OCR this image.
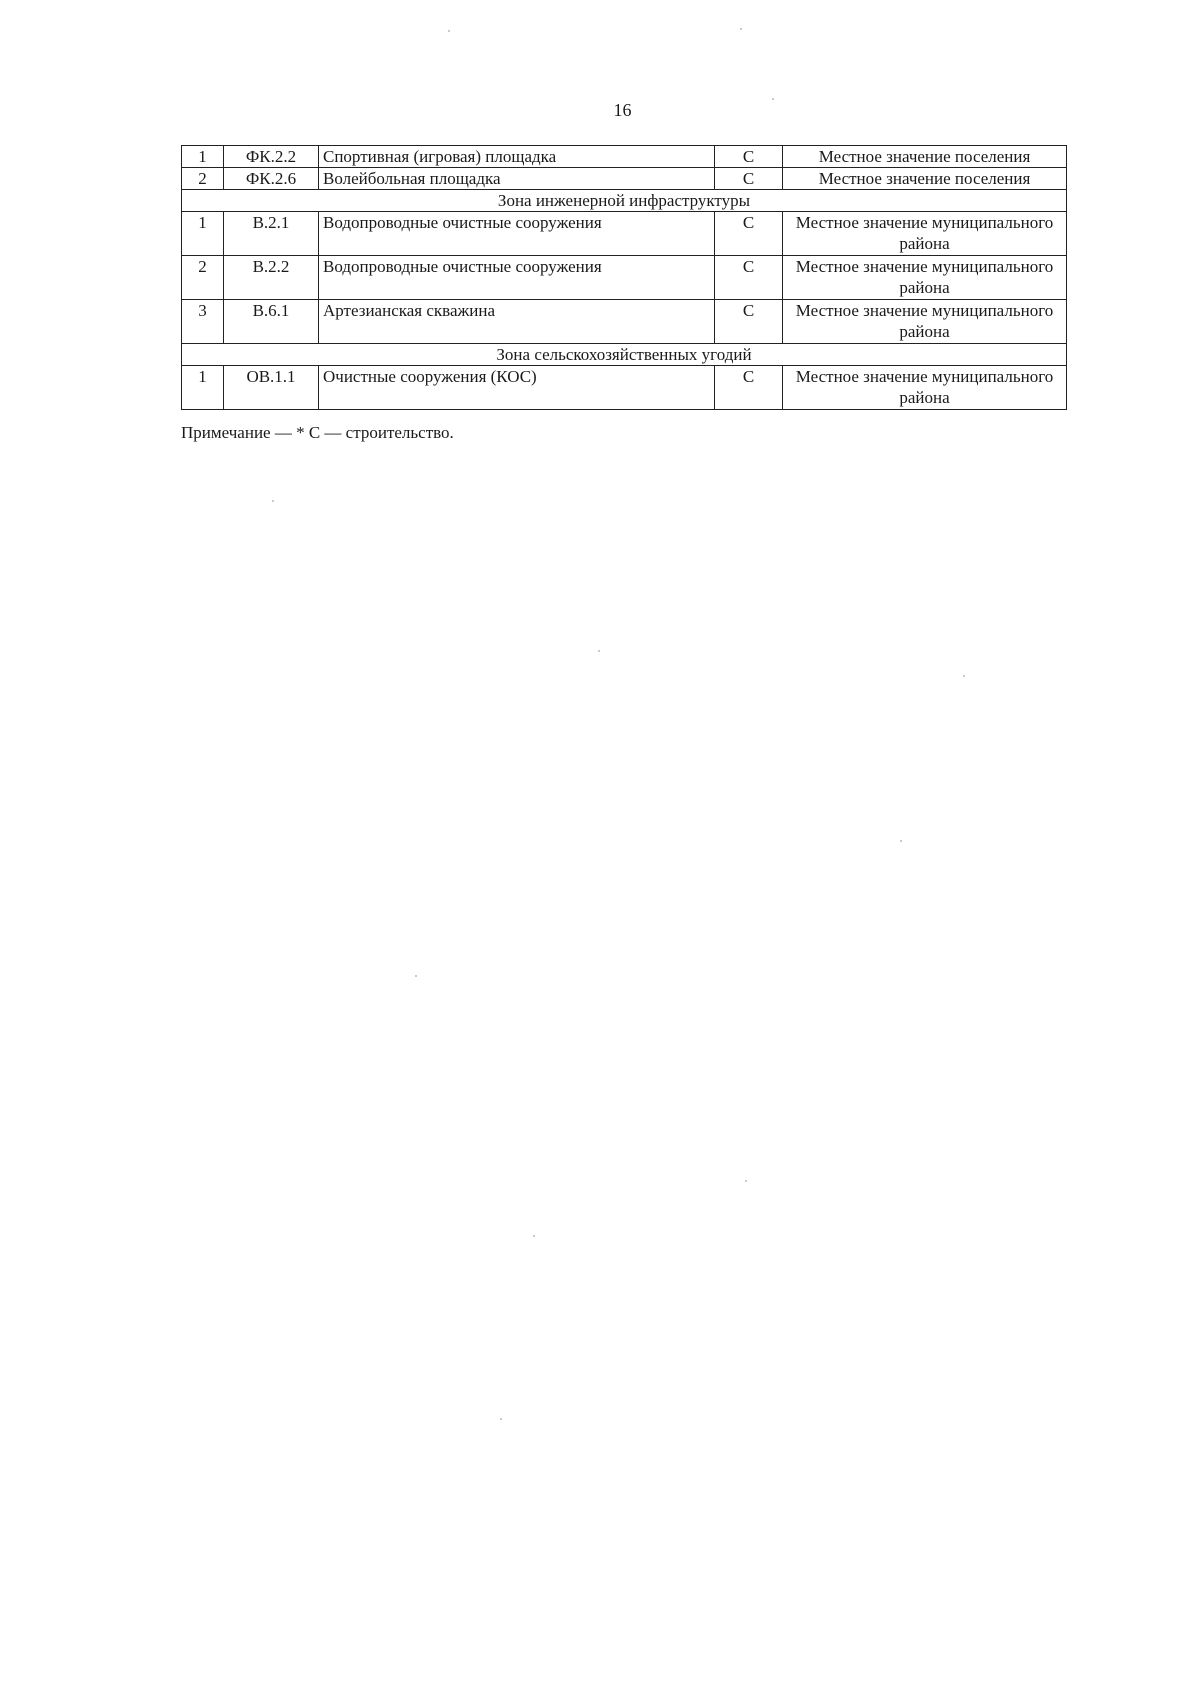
16
1	ФК.2.2	Спортивная (игровая) площадка	С	Местное значение поселения
2	ФК.2.6	Волейбольная площадка	С	Местное значение поселения
Зона инженерной инфраструктуры				
1	В.2.1	Водопроводные очистные сооружения	С	Местное значение муниципального района
2	В.2.2	Водопроводные очистные сооружения	С	Местное значение муниципального района
3	В.6.1	Артезианская скважина	С	Местное значение муниципального района
Зона сельскохозяйственных угодий				
1	ОВ.1.1	Очистные сооружения (КОС)	С	Местное значение муниципального района
Примечание — * С — строительство.
